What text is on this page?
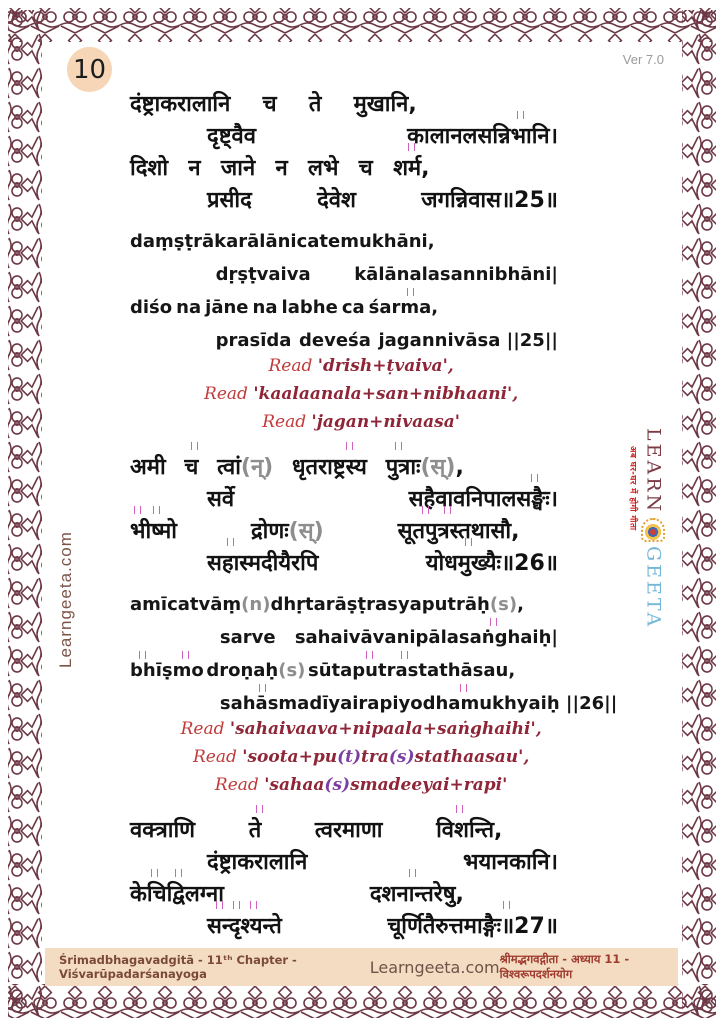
10	Ver 7.0
दंष्ट्राकरालानि च ते मुखानि,
दृष्ट्वैव	कालानलसन्निभानि।
दिशो न जाने न लभे च शर्म,
प्रसीद	देवेश	जगन्निवास॥25॥
daṃṣṭrākarālāni ca te mukhāni,
dṛṣṭvaiva kālānalasannibhāni|
diśo na jāne na labhe ca śarma,
prasīda deveśa jagannivāsa ||25||
Read 'drish+ṭvaiva',
Read 'kaalaanala+san+nibhaani',
Read 'jagan+nivaasa'
अमी च त्वां(न्) धृतराष्ट्रस्य पुत्राः(स्),
सर्वे	सहैवावनिपालसङ्घैः।
भीष्मो	द्रोणः(स्)	सूतपुत्रस्तथासौ,
सहास्मदीयैरपि	योधमुख्यैः॥26॥
amī ca tvāṃ(n) dhṛtarāṣṭrasya putrāḥ(s),
sarve sahaivāvanipālasaṅghaiḥ|
bhīṣmo droṇaḥ(s) sūtaputrastathāsau,
sahāsmadīyairapi yodhamukhyaiḥ ||26||
Read 'sahaivaava+nipaala+saṅghaihi',
Read 'soota+pu(t)tra(s)stathaasau',
Read 'sahaa(s)smadeeyai+rapi'
वक्त्राणि ते त्वरमाणा विशन्ति,
दंष्ट्राकरालानि	भयानकानि।
केचिद्विलग्ना	दशनान्तरेषु,
सन्दृश्यन्ते	चूर्णितैरुत्तमाङ्गैः॥27॥
Learngeeta.com
अब घर-घर में होगी गीता LEARN
GEETA
Śrimadbhagavadgitā - 11ᵗʰ Chapter - Viśvarūpadarśanayoga	Learngeeta.com श्रीमद्भगवद्गीता - अध्याय 11 - विश्वरूपदर्शनयोग
